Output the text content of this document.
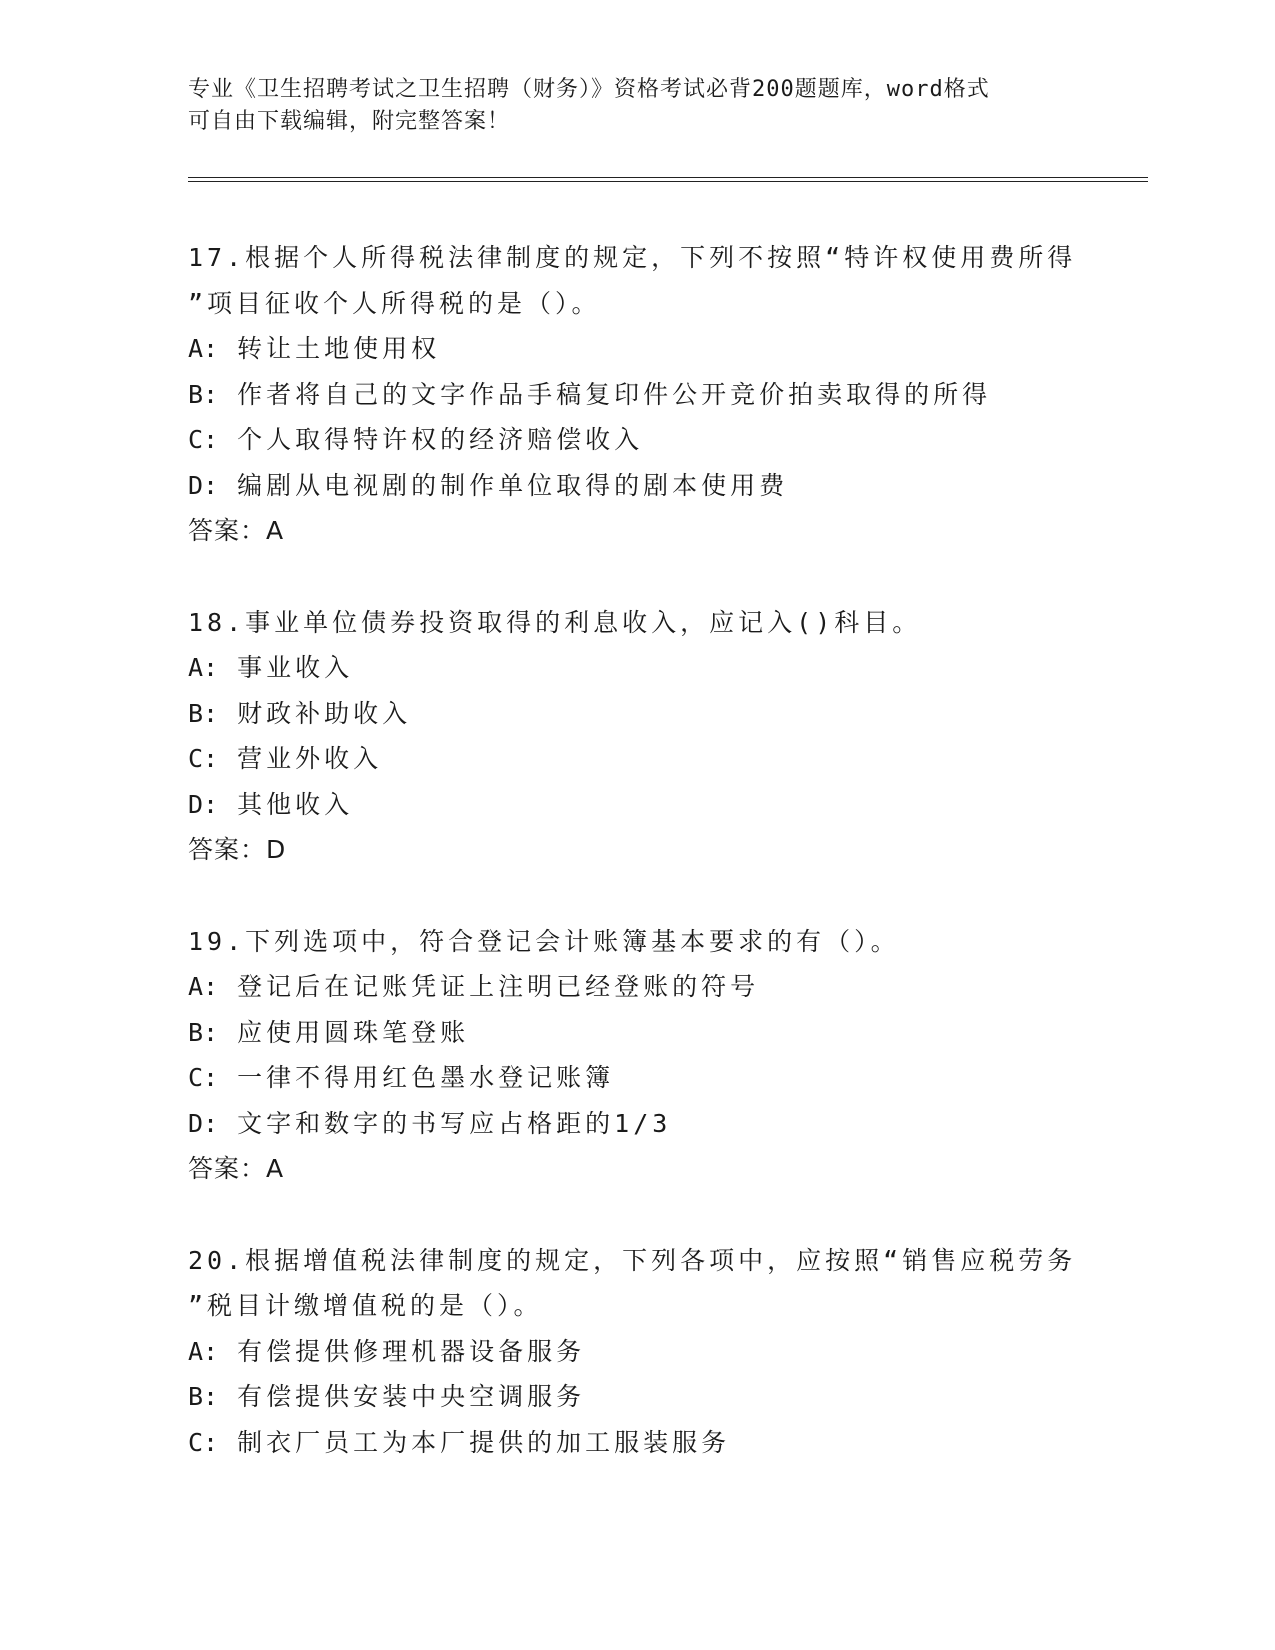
专业《卫生招聘考试之卫生招聘（财务）》资格考试必背200题题库，word格式
可自由下载编辑，附完整答案！
17.根据个人所得税法律制度的规定，下列不按照“特许权使用费所得
”项目征收个人所得税的是（）。
A: 转让土地使用权
B: 作者将自己的文字作品手稿复印件公开竞价拍卖取得的所得
C: 个人取得特许权的经济赔偿收入
D: 编剧从电视剧的制作单位取得的剧本使用费
答案：A
18.事业单位债券投资取得的利息收入，应记入()科目。
A: 事业收入
B: 财政补助收入
C: 营业外收入
D: 其他收入
答案：D
19.下列选项中，符合登记会计账簿基本要求的有（）。
A: 登记后在记账凭证上注明已经登账的符号
B: 应使用圆珠笔登账
C: 一律不得用红色墨水登记账簿
D: 文字和数字的书写应占格距的1/3
答案：A
20.根据增值税法律制度的规定，下列各项中，应按照“销售应税劳务
”税目计缴增值税的是（）。
A: 有偿提供修理机器设备服务
B: 有偿提供安装中央空调服务
C: 制衣厂员工为本厂提供的加工服装服务
